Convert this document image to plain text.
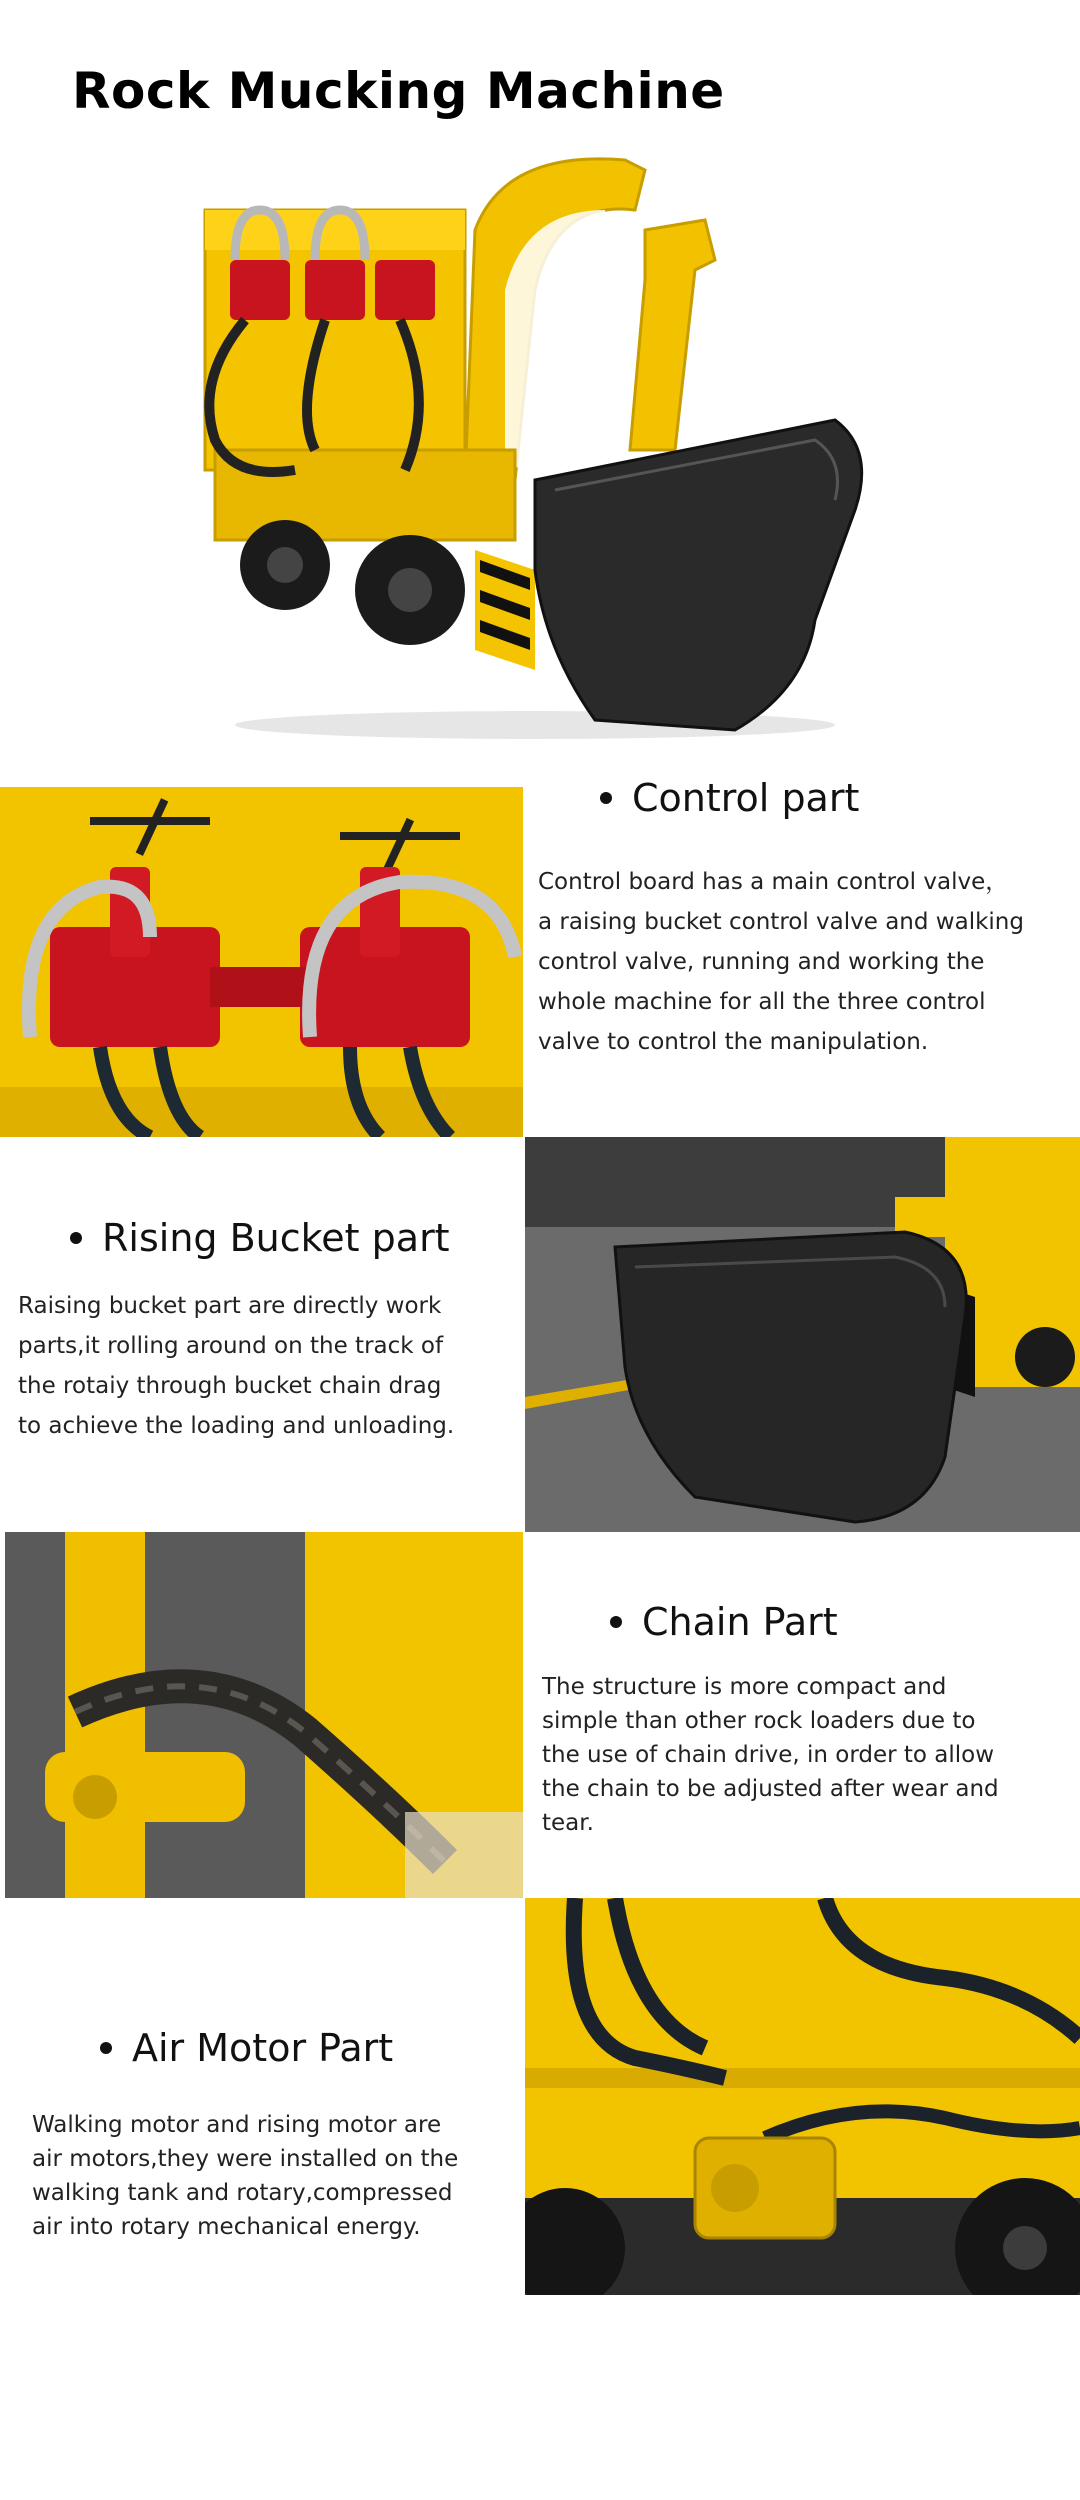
Rock Mucking Machine
Control part
Control board has a main control valve，
a raising bucket control valve and walking
control valve, running and working the
whole machine for all the three control
valve to control the manipulation.
Rising Bucket part
Raising bucket part are directly work
parts,it rolling around on the track of
the rotaiy through bucket chain drag
to achieve the loading and unloading.
Chain Part
The structure is more compact and
simple than other rock loaders due to
the use of chain drive, in order to allow
the chain to be adjusted after wear and
tear.
Air Motor Part
Walking motor and rising motor are
air motors,they were installed on the
walking tank and rotary,compressed
air into rotary mechanical energy.
